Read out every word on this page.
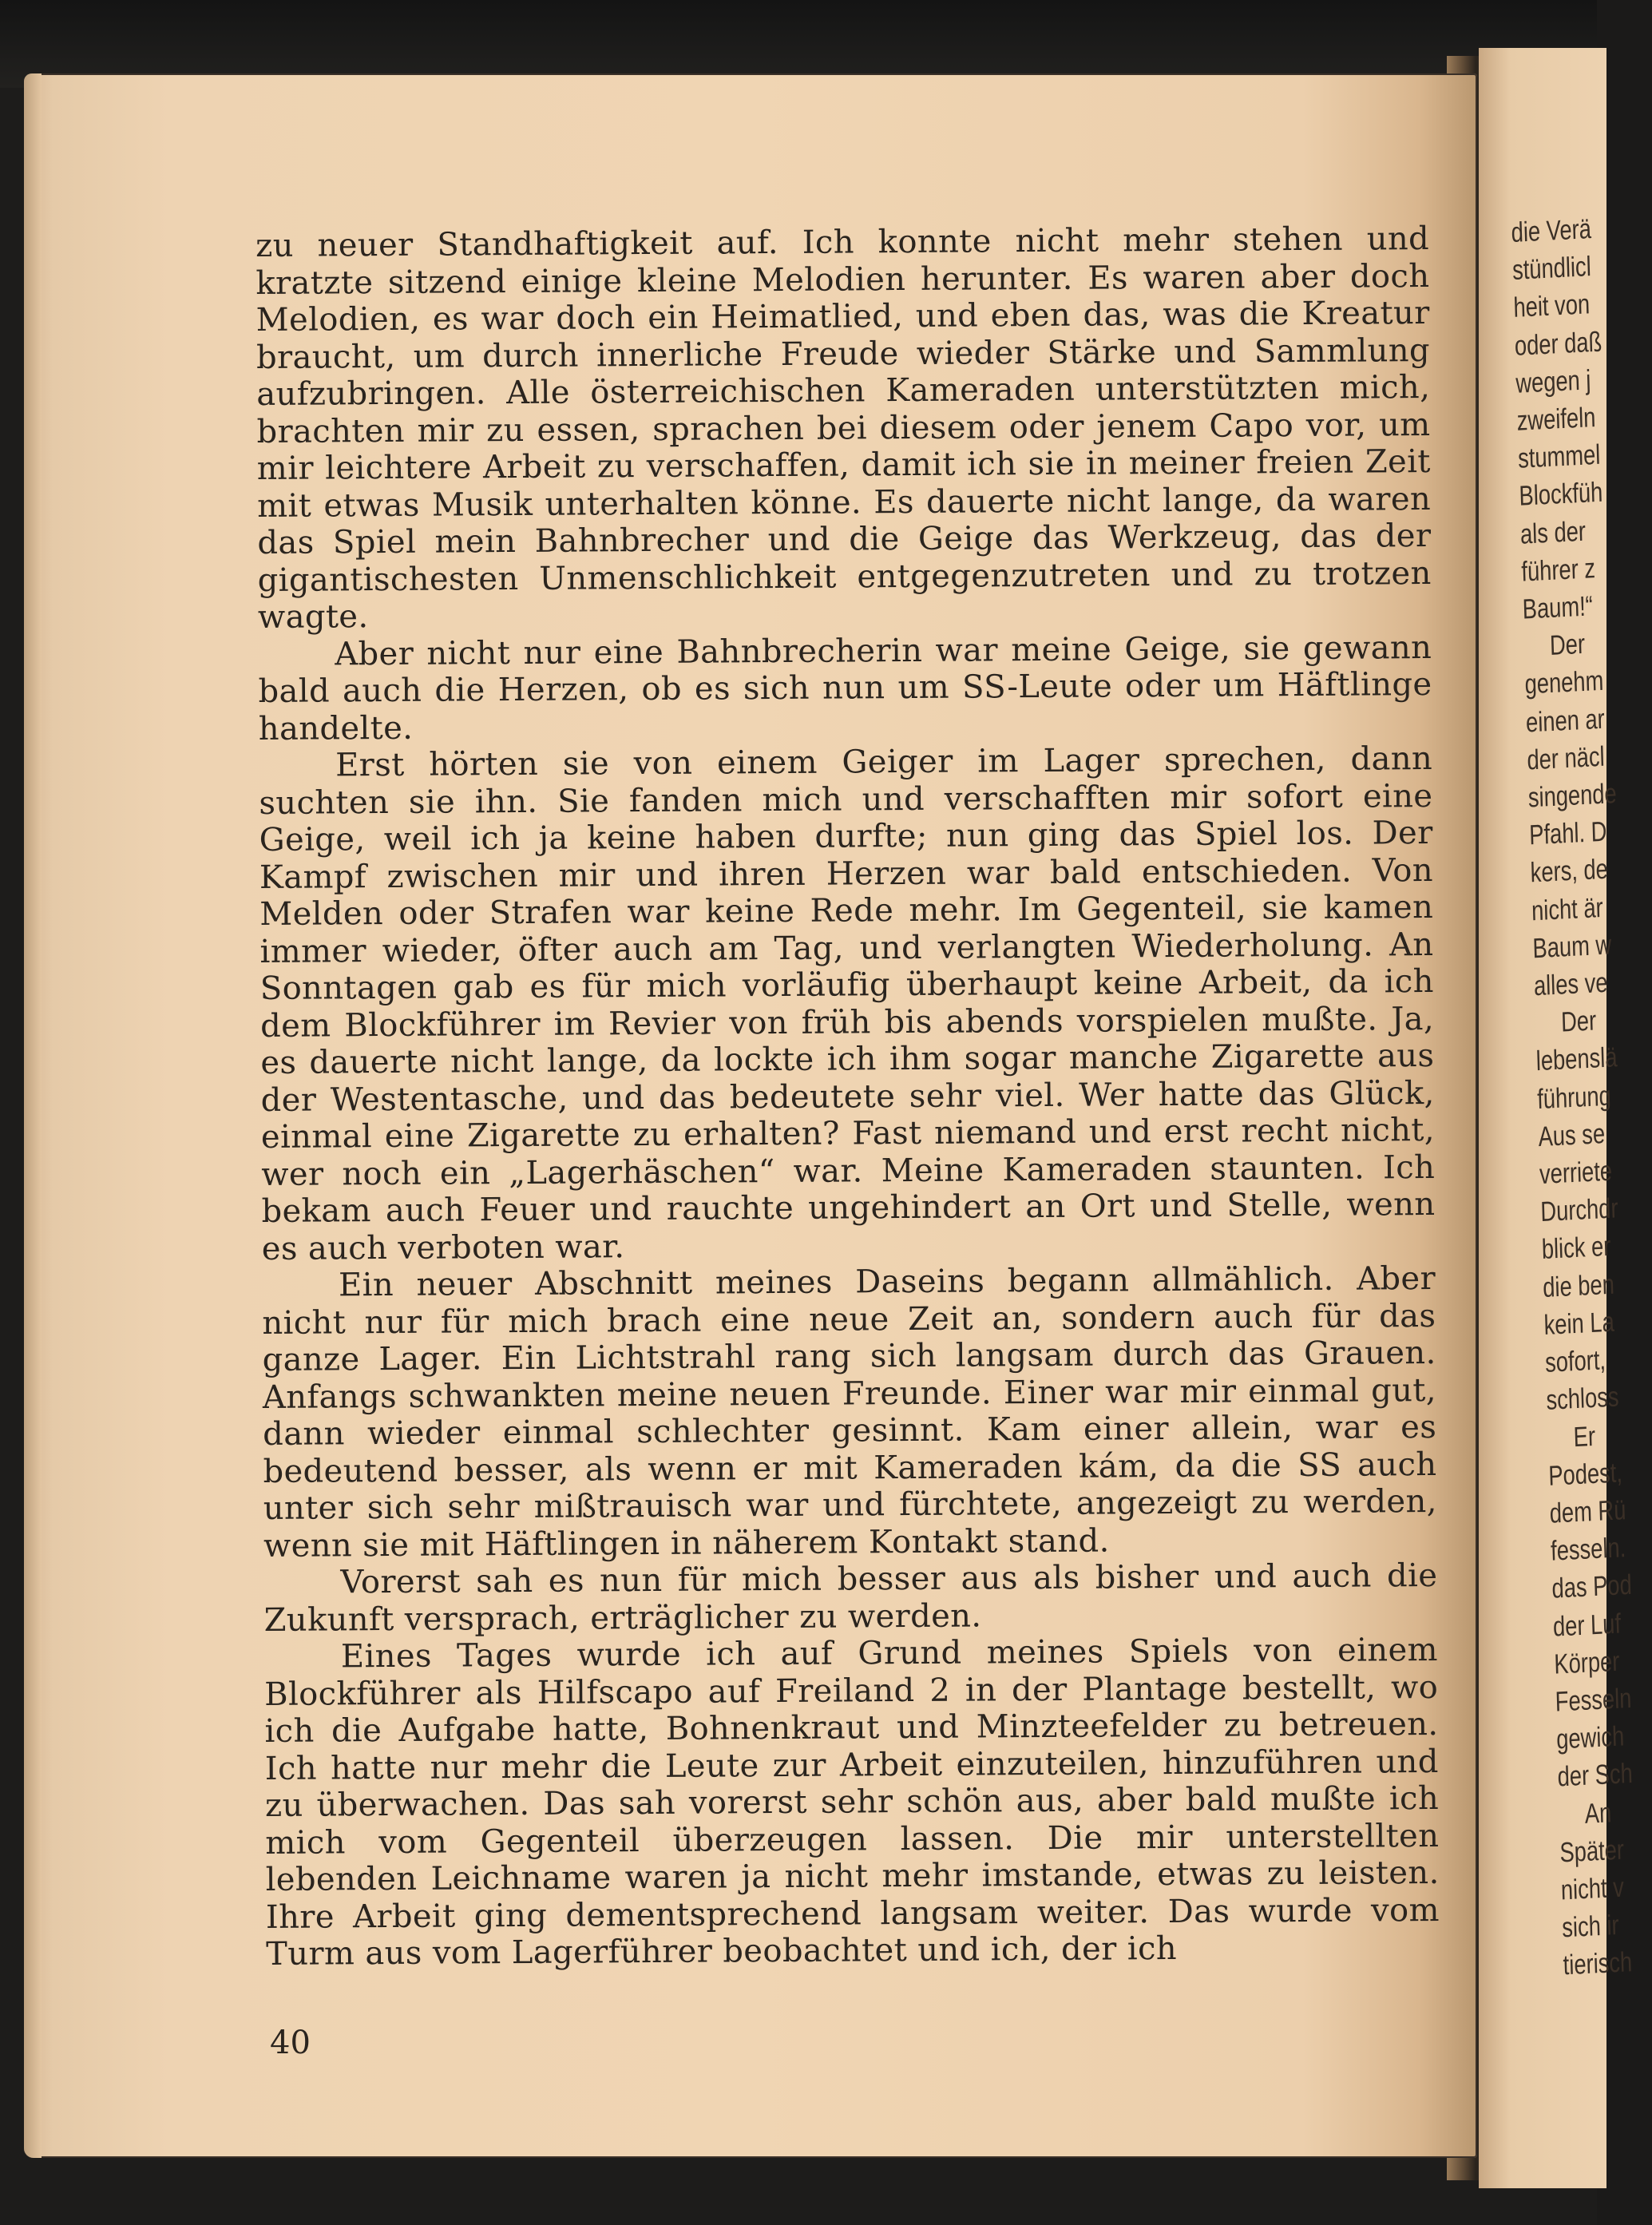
die Verä
stündlicl
heit von
oder daß
wegen j
zweifeln
stummel
Blockfüh
als der
führer z
Baum!“
Der
genehm
einen ar
der näcl
singende
Pfahl. D
kers, de
nicht är
Baum w
alles ve
Der
lebenslä
führung
Aus se
verriete
Durchdr
blick er
die ben
kein La
sofort,
schloss
Er
Podest,
dem Rü
fesseln.
das Pod
der Luf
Körper
Fesseln
gewich
der Sch
An
Später
nicht v
sich ir
tierisch

zu neuer Standhaftigkeit auf. Ich konnte nicht mehr stehen und kratzte sitzend einige kleine Melodien herunter. Es waren aber doch Melodien, es war doch ein Heimatlied, und eben das, was die Kreatur braucht, um durch innerliche Freude wieder Stärke und Sammlung aufzubringen. Alle österreichischen Kameraden unterstützten mich, brachten mir zu essen, sprachen bei diesem oder jenem Capo vor, um mir leichtere Arbeit zu verschaffen, damit ich sie in meiner freien Zeit mit etwas Musik unterhalten könne. Es dauerte nicht lange, da waren das Spiel mein Bahnbrecher und die Geige das Werkzeug, das der gigantischesten Unmenschlichkeit entgegenzutreten und zu trotzen wagte.

Aber nicht nur eine Bahnbrecherin war meine Geige, sie gewann bald auch die Herzen, ob es sich nun um SS-Leute oder um Häftlinge handelte.

Erst hörten sie von einem Geiger im Lager sprechen, dann suchten sie ihn. Sie fanden mich und verschafften mir sofort eine Geige, weil ich ja keine haben durfte; nun ging das Spiel los. Der Kampf zwischen mir und ihren Herzen war bald entschieden. Von Melden oder Strafen war keine Rede mehr. Im Gegenteil, sie kamen immer wieder, öfter auch am Tag, und verlangten Wiederholung. An Sonntagen gab es für mich vorläufig überhaupt keine Arbeit, da ich dem Blockführer im Revier von früh bis abends vorspielen mußte. Ja, es dauerte nicht lange, da lockte ich ihm sogar manche Zigarette aus der Westentasche, und das bedeutete sehr viel. Wer hatte das Glück, einmal eine Zigarette zu erhalten? Fast niemand und erst recht nicht, wer noch ein „Lagerhäschen“ war. Meine Kameraden staunten. Ich bekam auch Feuer und rauchte ungehindert an Ort und Stelle, wenn es auch verboten war.

Ein neuer Abschnitt meines Daseins begann allmählich. Aber nicht nur für mich brach eine neue Zeit an, sondern auch für das ganze Lager. Ein Lichtstrahl rang sich langsam durch das Grauen. Anfangs schwankten meine neuen Freunde. Einer war mir einmal gut, dann wieder einmal schlechter gesinnt. Kam einer allein, war es bedeutend besser, als wenn er mit Kameraden kám, da die SS auch unter sich sehr mißtrauisch war und fürchtete, angezeigt zu werden, wenn sie mit Häftlingen in näherem Kontakt stand.

Vorerst sah es nun für mich besser aus als bisher und auch die Zukunft versprach, erträglicher zu werden.

Eines Tages wurde ich auf Grund meines Spiels von einem Blockführer als Hilfscapo auf Freiland 2 in der Plantage bestellt, wo ich die Aufgabe hatte, Bohnenkraut und Minzteefelder zu betreuen. Ich hatte nur mehr die Leute zur Arbeit einzuteilen, hinzuführen und zu überwachen. Das sah vorerst sehr schön aus, aber bald mußte ich mich vom Gegenteil überzeugen lassen. Die mir unterstellten lebenden Leichname waren ja nicht mehr imstande, etwas zu leisten. Ihre Arbeit ging dementsprechend langsam weiter. Das wurde vom Turm aus vom Lagerführer beobachtet und ich, der ich

40
